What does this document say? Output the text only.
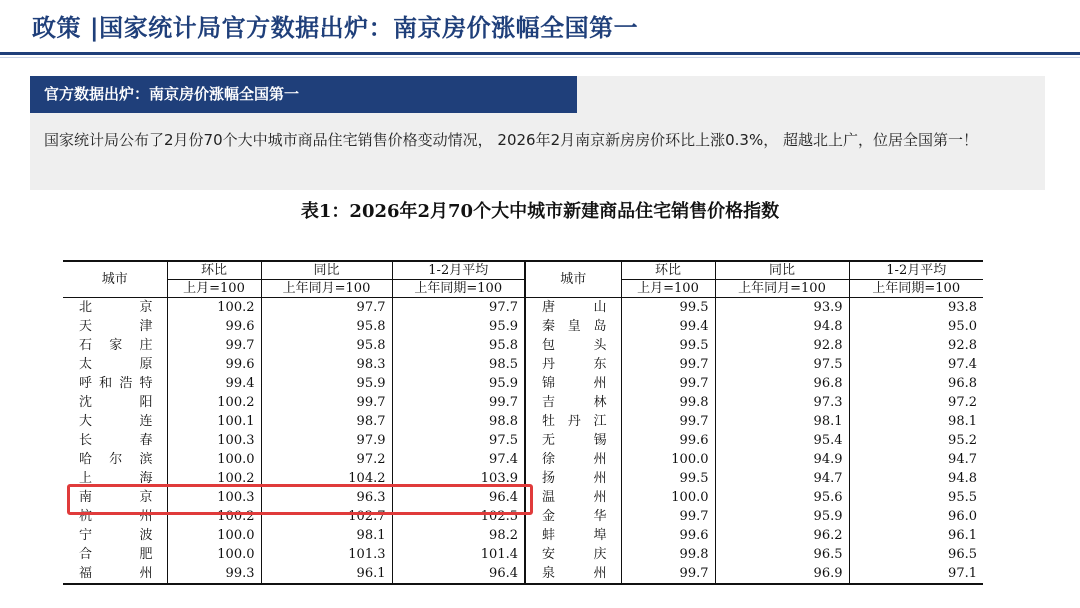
政策 |国家统计局官方数据出炉：南京房价涨幅全国第一
官方数据出炉：南京房价涨幅全国第一
国家统计局公布了2月份70个大中城市商品住宅销售价格变动情况， 2026年2月南京新房房价环比上涨0.3%， 超越北上广，位居全国第一！
表1：2026年2月70个大中城市新建商品住宅销售价格指数
城市	环比	同比	1-2月平均	城市	环比	同比	1-2月平均
	上月=100	上年同月=100	上年同期=100		上月=100	上年同月=100	上年同期=100
北京	100.2	97.7	97.7	唐山	99.5	93.9	93.8
天津	99.6	95.8	95.9	秦皇岛	99.4	94.8	95.0
石家庄	99.7	95.8	95.8	包头	99.5	92.8	92.8
太原	99.6	98.3	98.5	丹东	99.7	97.5	97.4
呼和浩特	99.4	95.9	95.9	锦州	99.7	96.8	96.8
沈阳	100.2	99.7	99.7	吉林	99.8	97.3	97.2
大连	100.1	98.7	98.8	牡丹江	99.7	98.1	98.1
长春	100.3	97.9	97.5	无锡	99.6	95.4	95.2
哈尔滨	100.0	97.2	97.4	徐州	100.0	94.9	94.7
上海	100.2	104.2	103.9	扬州	99.5	94.7	94.8
南京	100.3	96.3	96.4	温州	100.0	95.6	95.5
杭州	100.2	102.7	102.5	金华	99.7	95.9	96.0
宁波	100.0	98.1	98.2	蚌埠	99.6	96.2	96.1
合肥	100.0	101.3	101.4	安庆	99.8	96.5	96.5
福州	99.3	96.1	96.4	泉州	99.7	96.9	97.1
